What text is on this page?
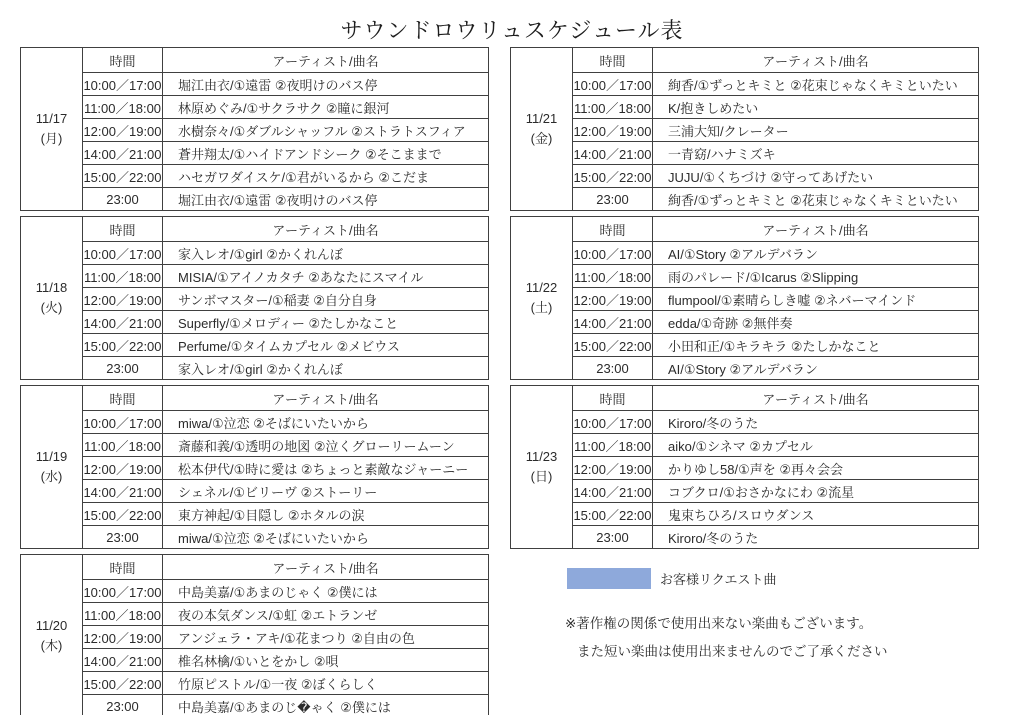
サウンドロウリュスケジュール表
11/17
(月)	時間	アーティスト/曲名
	10:00／17:00	堀江由衣/①遠雷 ②夜明けのバス停
	11:00／18:00	林原めぐみ/①サクラサク ②瞳に銀河
	12:00／19:00	水樹奈々/①ダブルシャッフル ②ストラトスフィア
	14:00／21:00	蒼井翔太/①ハイドアンドシーク ②そこままで
	15:00／22:00	ハセガワダイスケ/①君がいるから ②こだま
	23:00	堀江由衣/①遠雷 ②夜明けのバス停
11/18
(火)	時間	アーティスト/曲名
	10:00／17:00	家入レオ/①girl ②かくれんぼ
	11:00／18:00	MISIA/①アイノカタチ ②あなたにスマイル
	12:00／19:00	サンボマスター/①稲妻 ②自分自身
	14:00／21:00	Superfly/①メロディー ②たしかなこと
	15:00／22:00	Perfume/①タイムカプセル ②メビウス
	23:00	家入レオ/①girl ②かくれんぼ
11/19
(水)	時間	アーティスト/曲名
	10:00／17:00	miwa/①泣恋 ②そばにいたいから
	11:00／18:00	斎藤和義/①透明の地図 ②泣くグローリームーン
	12:00／19:00	松本伊代/①時に愛は ②ちょっと素敵なジャーニー
	14:00／21:00	シェネル/①ビリーヴ ②ストーリー
	15:00／22:00	東方神起/①目隠し ②ホタルの涙
	23:00	miwa/①泣恋 ②そばにいたいから
11/20
(木)	時間	アーティスト/曲名
	10:00／17:00	中島美嘉/①あまのじゃく ②僕には
	11:00／18:00	夜の本気ダンス/①虹 ②エトランゼ
	12:00／19:00	アンジェラ・アキ/①花まつり ②自由の色
	14:00／21:00	椎名林檎/①いとをかし ②唄
	15:00／22:00	竹原ピストル/①一夜 ②ぼくらしく
	23:00	中島美嘉/①あまのじ�ゃく ②僕には
11/21
(金)	時間	アーティスト/曲名
	10:00／17:00	絢香/①ずっとキミと ②花束じゃなくキミといたい
	11:00／18:00	K/抱きしめたい
	12:00／19:00	三浦大知/クレーター
	14:00／21:00	一青窈/ハナミズキ
	15:00／22:00	JUJU/①くちづけ ②守ってあげたい
	23:00	絢香/①ずっとキミと ②花束じゃなくキミといたい
11/22
(土)	時間	アーティスト/曲名
	10:00／17:00	AI/①Story ②アルデバラン
	11:00／18:00	雨のパレード/①Icarus ②Slipping
	12:00／19:00	flumpool/①素晴らしき嘘 ②ネバーマインド
	14:00／21:00	edda/①奇跡 ②無伴奏
	15:00／22:00	小田和正/①キラキラ ②たしかなこと
	23:00	AI/①Story ②アルデバラン
11/23
(日)	時間	アーティスト/曲名
	10:00／17:00	Kiroro/冬のうた
	11:00／18:00	aiko/①シネマ ②カプセル
	12:00／19:00	かりゆし58/①声を ②再々会会
	14:00／21:00	コブクロ/①おさかなにわ ②流星
	15:00／22:00	鬼束ちひろ/スロウダンス
	23:00	Kiroro/冬のうた
お客様リクエスト曲
※著作権の関係で使用出来ない楽曲もございます。
また短い楽曲は使用出来ませんのでご了承ください
